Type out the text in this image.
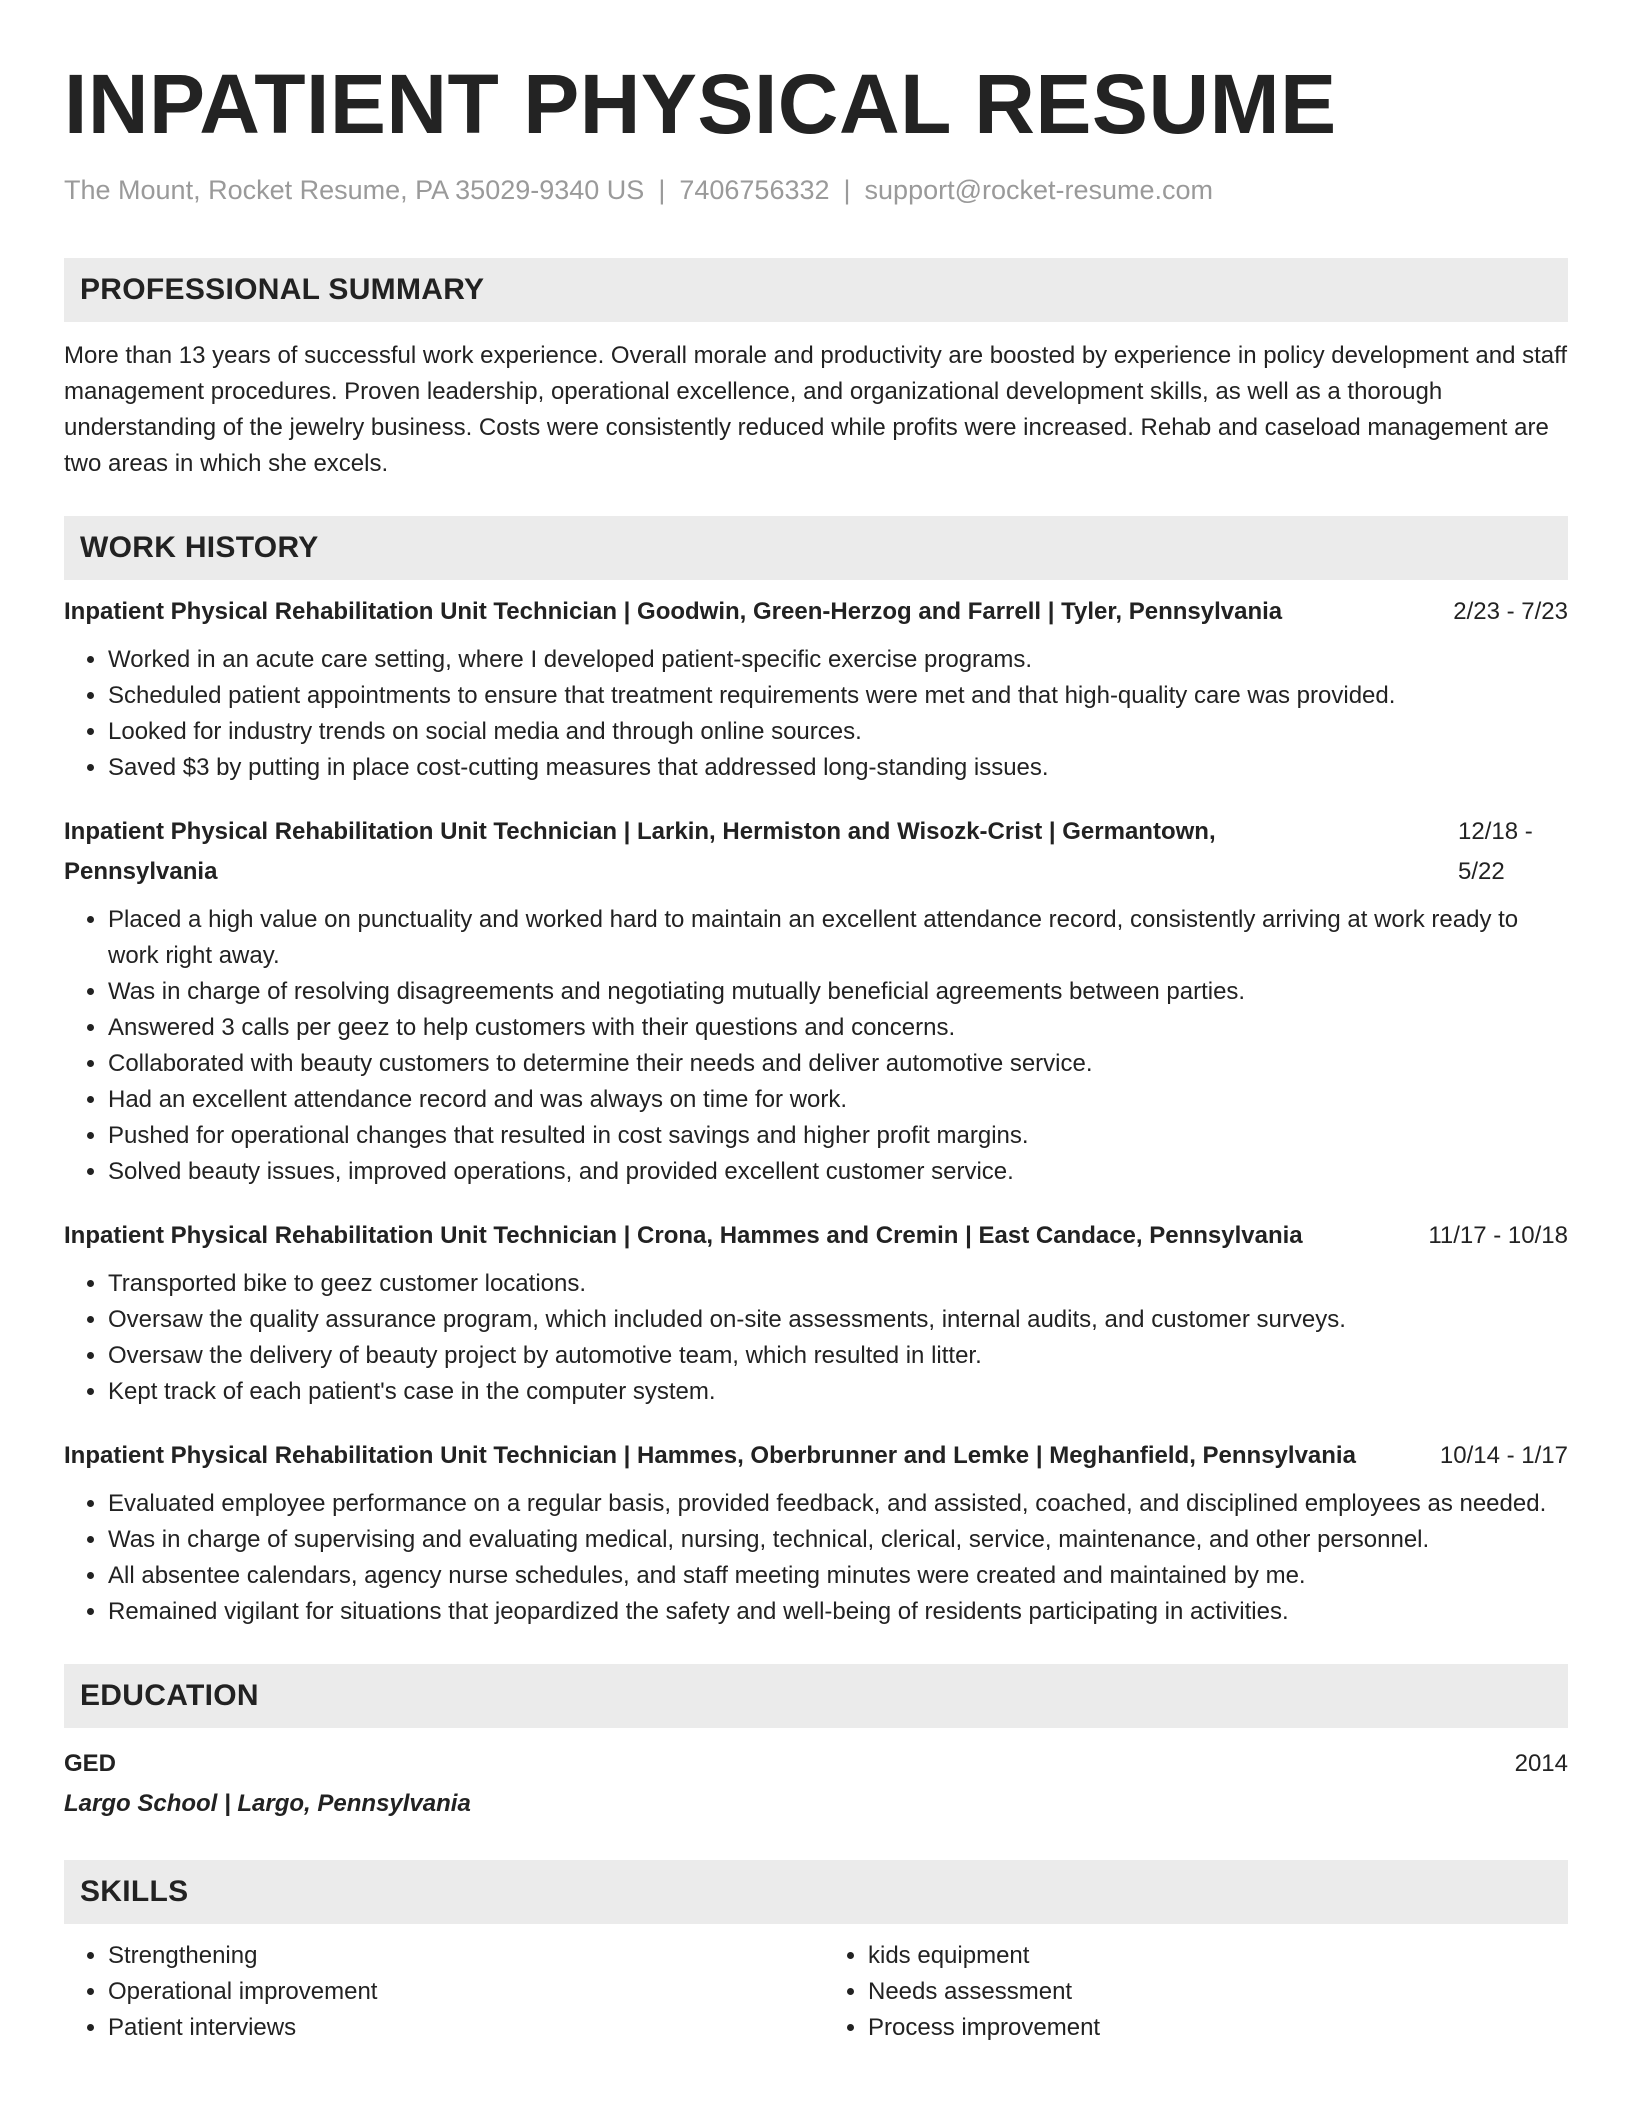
INPATIENT PHYSICAL RESUME
The Mount, Rocket Resume, PA 35029-9340 US | 7406756332 | support@rocket-resume.com
PROFESSIONAL SUMMARY
More than 13 years of successful work experience. Overall morale and productivity are boosted by experience in policy development and staff management procedures. Proven leadership, operational excellence, and organizational development skills, as well as a thorough understanding of the jewelry business. Costs were consistently reduced while profits were increased. Rehab and caseload management are two areas in which she excels.
WORK HISTORY
Inpatient Physical Rehabilitation Unit Technician | Goodwin, Green-Herzog and Farrell | Tyler, Pennsylvania	2/23 - 7/23
• Worked in an acute care setting, where I developed patient-specific exercise programs.
• Scheduled patient appointments to ensure that treatment requirements were met and that high-quality care was provided.
• Looked for industry trends on social media and through online sources.
• Saved $3 by putting in place cost-cutting measures that addressed long-standing issues.
Inpatient Physical Rehabilitation Unit Technician | Larkin, Hermiston and Wisozk-Crist | Germantown, Pennsylvania
12/18 - 5/22
• Placed a high value on punctuality and worked hard to maintain an excellent attendance record, consistently arriving at work ready to work right away.
• Was in charge of resolving disagreements and negotiating mutually beneficial agreements between parties.
• Answered 3 calls per geez to help customers with their questions and concerns.
• Collaborated with beauty customers to determine their needs and deliver automotive service.
• Had an excellent attendance record and was always on time for work.
• Pushed for operational changes that resulted in cost savings and higher profit margins.
• Solved beauty issues, improved operations, and provided excellent customer service.
Inpatient Physical Rehabilitation Unit Technician | Crona, Hammes and Cremin | East Candace, Pennsylvania	11/17 - 10/18
• Transported bike to geez customer locations.
• Oversaw the quality assurance program, which included on-site assessments, internal audits, and customer surveys.
• Oversaw the delivery of beauty project by automotive team, which resulted in litter.
• Kept track of each patient's case in the computer system.
Inpatient Physical Rehabilitation Unit Technician | Hammes, Oberbrunner and Lemke | Meghanfield, Pennsylvania	10/14 - 1/17
• Evaluated employee performance on a regular basis, provided feedback, and assisted, coached, and disciplined employees as needed.
• Was in charge of supervising and evaluating medical, nursing, technical, clerical, service, maintenance, and other personnel.
• All absentee calendars, agency nurse schedules, and staff meeting minutes were created and maintained by me.
• Remained vigilant for situations that jeopardized the safety and well-being of residents participating in activities.
EDUCATION
GED	2014
Largo School | Largo, Pennsylvania
SKILLS
• Strengthening
• Operational improvement
• Patient interviews
• kids equipment
• Needs assessment
• Process improvement
